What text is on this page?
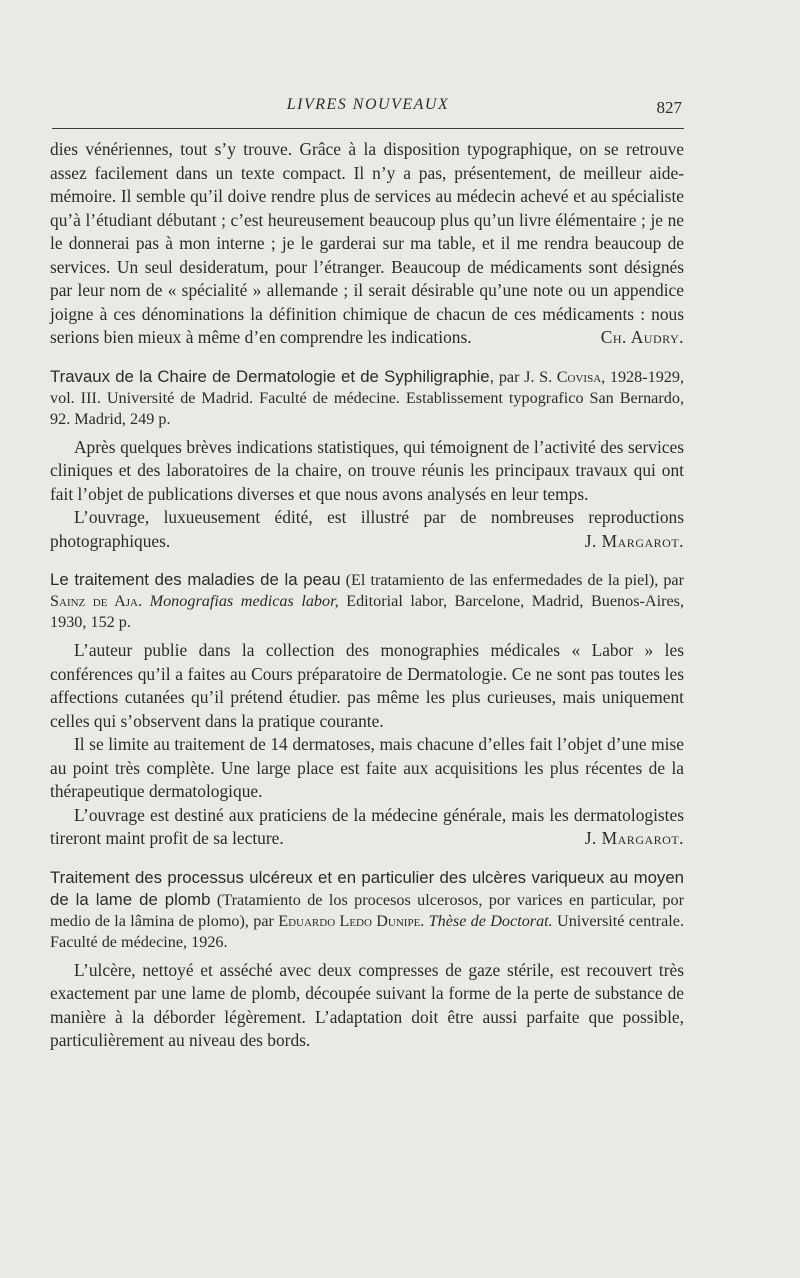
LIVRES NOUVEAUX	827

dies vénériennes, tout s’y trouve. Grâce à la disposition typographique, on se retrouve assez facilement dans un texte compact. Il n’y a pas, présentement, de meilleur aide-mémoire. Il semble qu’il doive rendre plus de services au médecin achevé et au spécialiste qu’à l’étudiant débutant ; c’est heureusement beaucoup plus qu’un livre élémentaire ; je ne le donnerai pas à mon interne ; je le garderai sur ma table, et il me rendra beaucoup de services. Un seul desideratum, pour l’étranger. Beaucoup de médicaments sont désignés par leur nom de « spécialité » allemande ; il serait désirable qu’une note ou un appendice joigne à ces dénominations la définition chimique de chacun de ces médicaments : nous serions bien mieux à même d’en comprendre les indications.	Ch. Audry.

Travaux de la Chaire de Dermatologie et de Syphiligraphie, par J. S. Covisa, 1928-1929, vol. III. Université de Madrid. Faculté de médecine. Establissement typografico San Bernardo, 92. Madrid, 249 p.

Après quelques brèves indications statistiques, qui témoignent de l’activité des services cliniques et des laboratoires de la chaire, on trouve réunis les principaux travaux qui ont fait l’objet de publications diverses et que nous avons analysés en leur temps.

L’ouvrage, luxueusement édité, est illustré par de nombreuses reproductions photographiques.	J. Margarot.

Le traitement des maladies de la peau (El tratamiento de las enfermedades de la piel), par Sainz de Aja. Monografias medicas labor, Editorial labor, Barcelone, Madrid, Buenos-Aires, 1930, 152 p.

L’auteur publie dans la collection des monographies médicales « Labor » les conférences qu’il a faites au Cours préparatoire de Dermatologie. Ce ne sont pas toutes les affections cutanées qu’il prétend étudier. pas même les plus curieuses, mais uniquement celles qui s’observent dans la pratique courante.

Il se limite au traitement de 14 dermatoses, mais chacune d’elles fait l’objet d’une mise au point très complète. Une large place est faite aux acquisitions les plus récentes de la thérapeutique dermatologique.

L’ouvrage est destiné aux praticiens de la médecine générale, mais les dermatologistes tireront maint profit de sa lecture.	J. Margarot.

Traitement des processus ulcéreux et en particulier des ulcères variqueux au moyen de la lame de plomb (Tratamiento de los procesos ulcerosos, por varices en particular, por medio de la lâmina de plomo), par Eduardo Ledo Dunipe. Thèse de Doctorat. Université centrale. Faculté de médecine, 1926.

L’ulcère, nettoyé et asséché avec deux compresses de gaze stérile, est recouvert très exactement par une lame de plomb, découpée suivant la forme de la perte de substance de manière à la déborder légèrement. L’adaptation doit être aussi parfaite que possible, particulièrement au niveau des bords.
